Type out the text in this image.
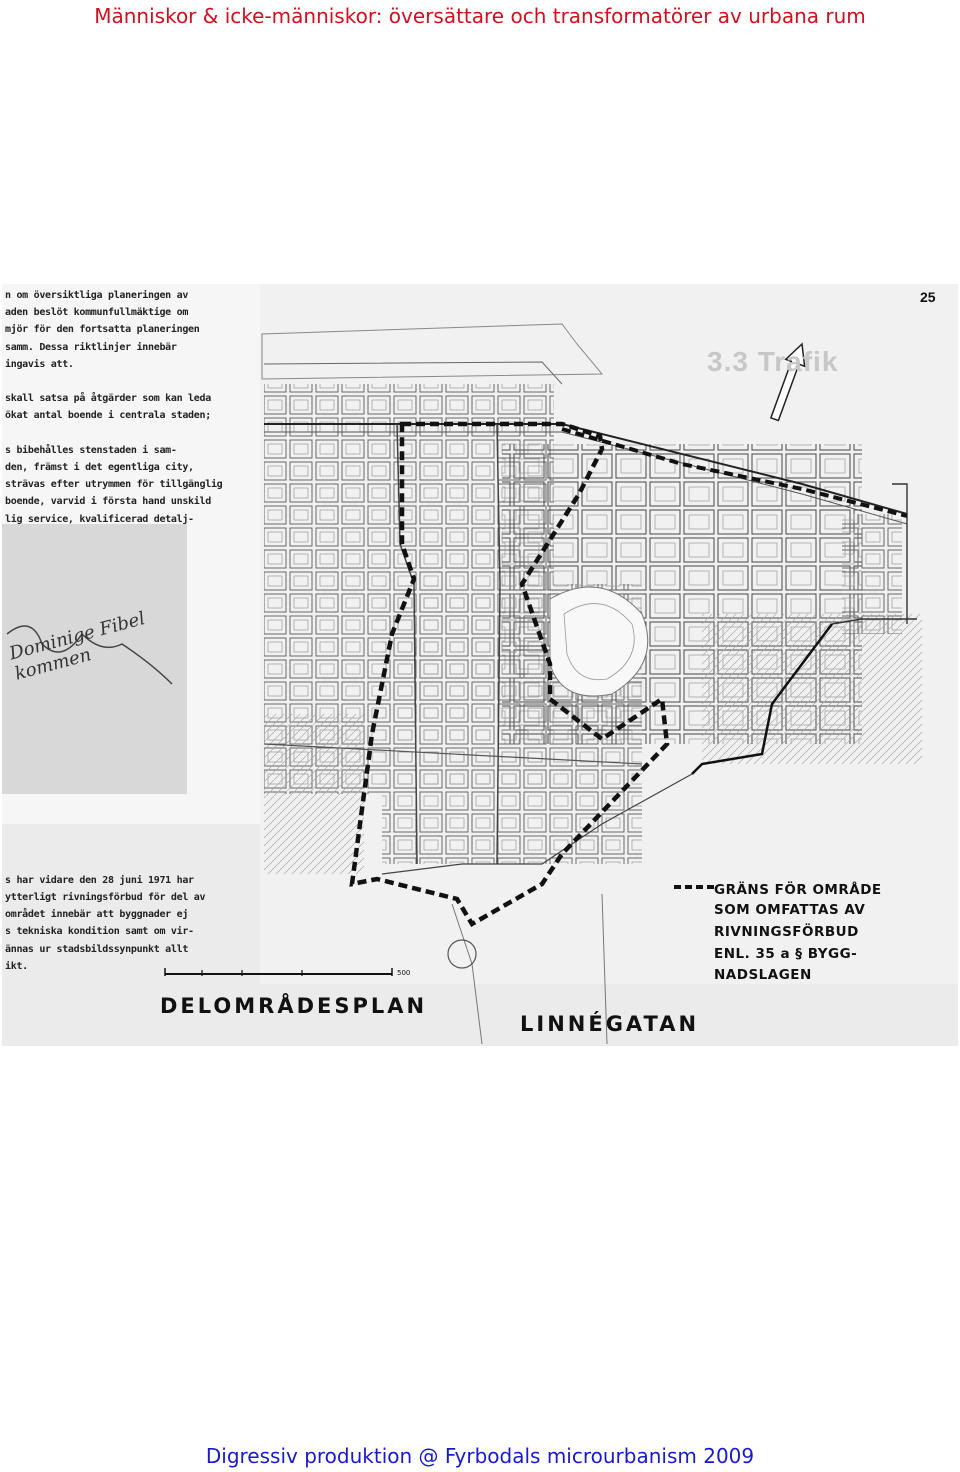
Människor & icke-människor: översättare och transformatörer av urbana rum
25
3.3 Trafik
Dominige Fibel kommen
n om översiktliga planeringen av
aden beslöt kommunfullmäktige om
mjör för den fortsatta planeringen
samm. Dessa riktlinjer innebär
ingavis att.
skall satsa på åtgärder som kan leda
ökat antal boende i centrala staden;
s bibehålles stenstaden i sam-
den, främst i det egentliga city,
strävas efter utrymmen för tillgänglig
boende, varvid i första hand unskild
lig service, kvalificerad detalj-
s har vidare den 28 juni 1971 har
ytterligt rivningsförbud för del av
området innebär att byggnader ej
s tekniska kondition samt om vir-
ännas ur stadsbildssynpunkt allt
ikt.
GRÄNS FÖR OMRÅDE
SOM OMFATTAS AV
RIVNINGSFÖRBUD
ENL. 35 a § BYGG-
NADSLAGEN
500
DELOMRÅDESPLAN
LINNÉGATAN
Digressiv produktion @ Fyrbodals microurbanism 2009
